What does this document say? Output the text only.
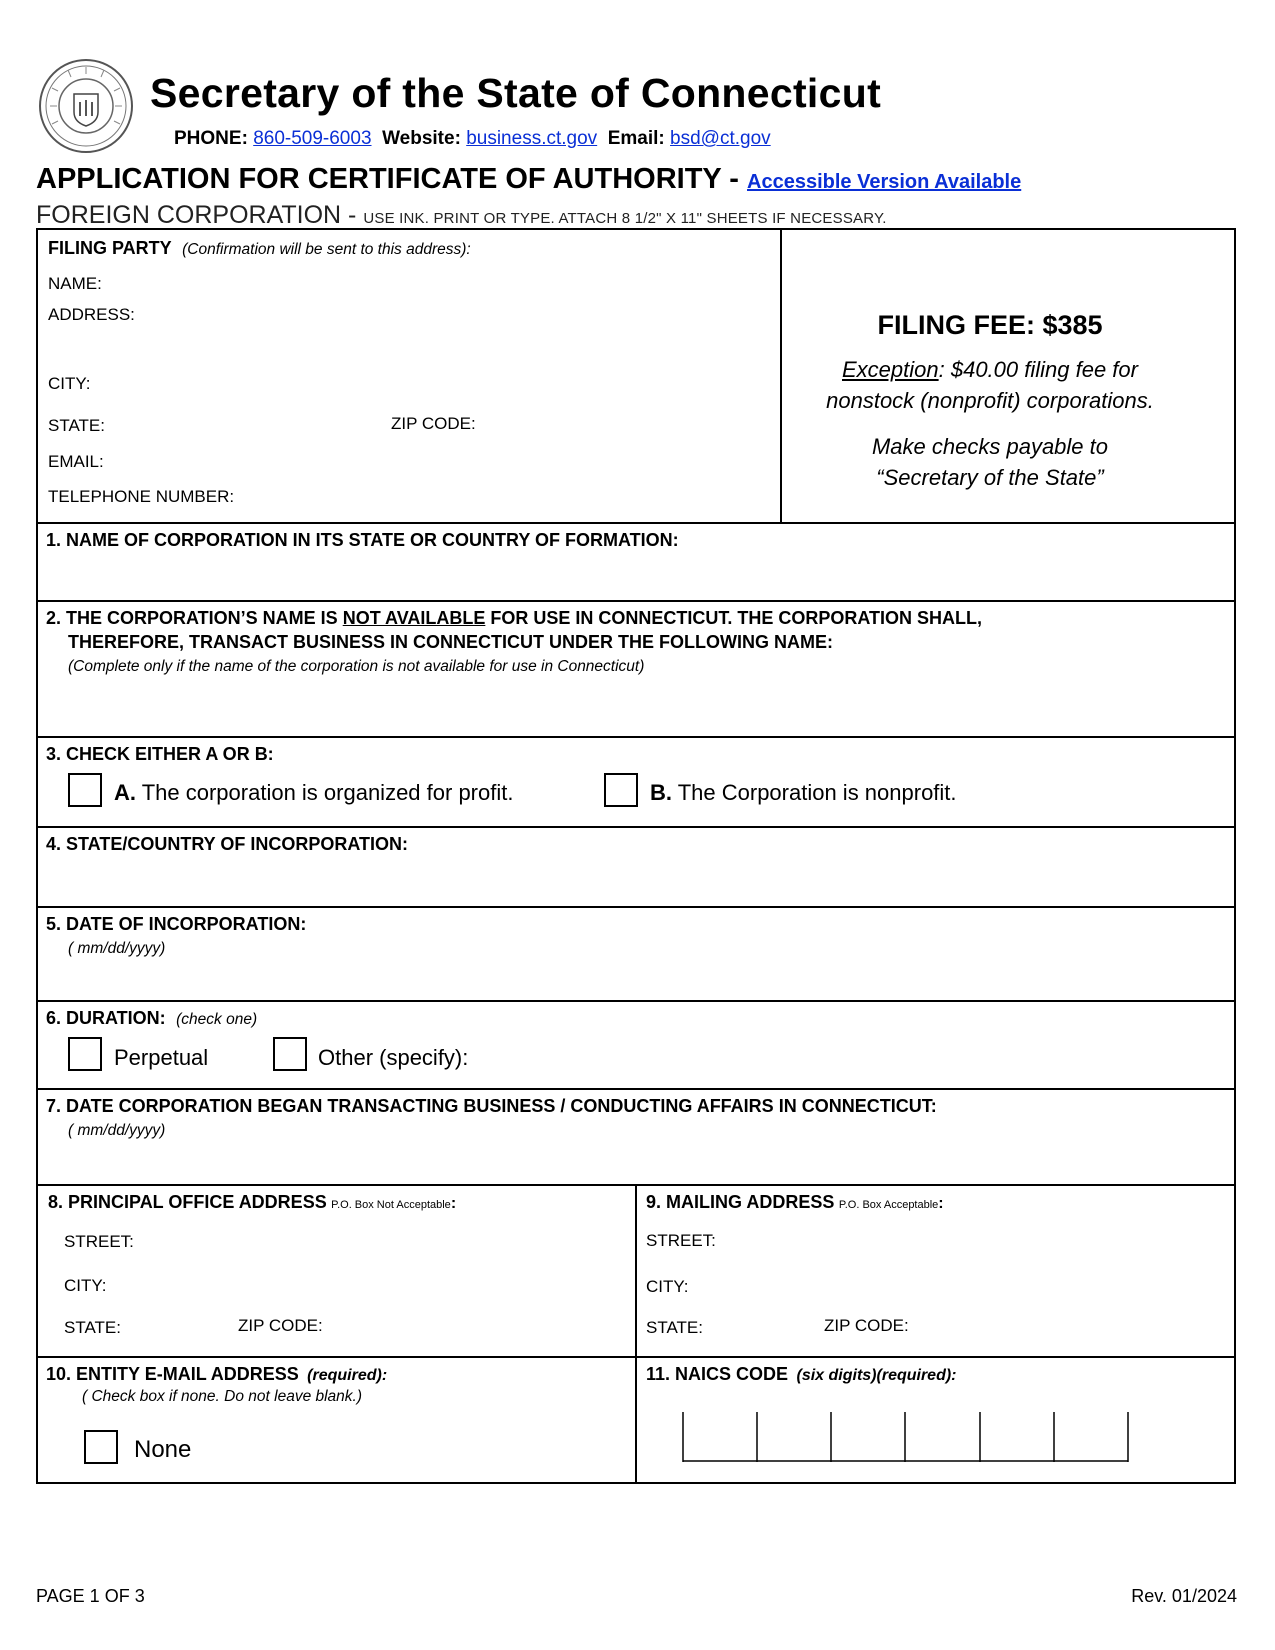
Secretary of the State of Connecticut
PHONE: 860-509-6003 Website: business.ct.gov Email: bsd@ct.gov
APPLICATION FOR CERTIFICATE OF AUTHORITY - Accessible Version Available
FOREIGN CORPORATION - USE INK. PRINT OR TYPE. ATTACH 8 1/2" X 11" SHEETS IF NECESSARY.
FILING PARTY (Confirmation will be sent to this address):
NAME:
ADDRESS:
CITY:
STATE:	ZIP CODE:
EMAIL:
TELEPHONE NUMBER:
FILING FEE: $385
Exception: $40.00 filing fee for
nonstock (nonprofit) corporations.
Make checks payable to
“Secretary of the State”
1. NAME OF CORPORATION IN ITS STATE OR COUNTRY OF FORMATION:
2. THE CORPORATION’S NAME IS NOT AVAILABLE FOR USE IN CONNECTICUT. THE CORPORATION SHALL,
THEREFORE, TRANSACT BUSINESS IN CONNECTICUT UNDER THE FOLLOWING NAME:
(Complete only if the name of the corporation is not available for use in Connecticut)
3. CHECK EITHER A OR B:
A. The corporation is organized for profit.	B. The Corporation is nonprofit.
4. STATE/COUNTRY OF INCORPORATION:
5. DATE OF INCORPORATION:
( mm/dd/yyyy)
6. DURATION: (check one)
Perpetual	Other (specify):
7. DATE CORPORATION BEGAN TRANSACTING BUSINESS / CONDUCTING AFFAIRS IN CONNECTICUT:
( mm/dd/yyyy)
8. PRINCIPAL OFFICE ADDRESS P.O. Box Not Acceptable:
STREET:
CITY:
STATE:	ZIP CODE:
9. MAILING ADDRESS P.O. Box Acceptable:
STREET:
CITY:
STATE:	ZIP CODE:
10. ENTITY E-MAIL ADDRESS (required):
( Check box if none. Do not leave blank.)
None
11. NAICS CODE (six digits)(required):
PAGE 1 OF 3	Rev. 01/2024
